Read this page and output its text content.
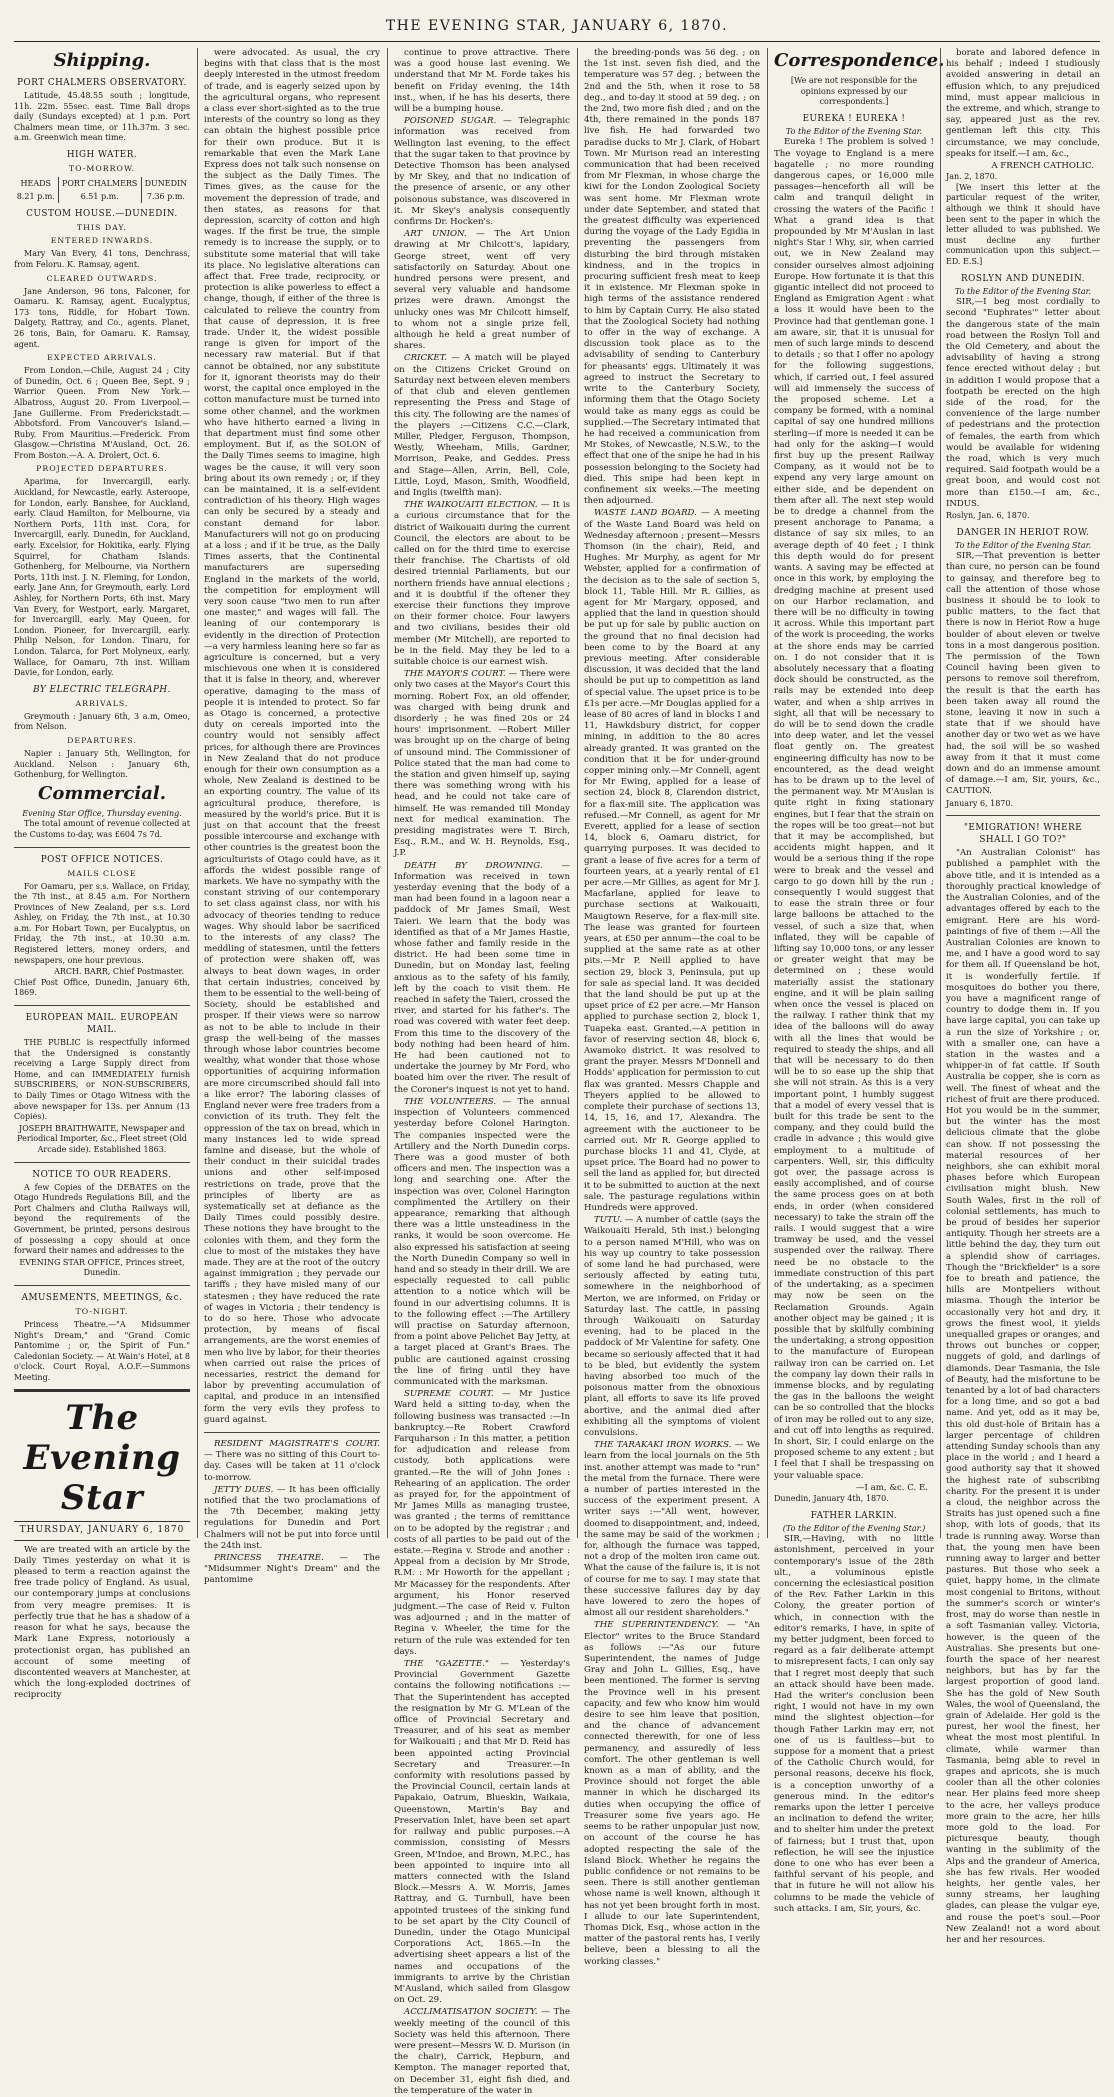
THE EVENING STAR, JANUARY 6, 1870.
Shipping.
PORT CHALMERS OBSERVATORY.
Latitude, 45.48.55 south ; longitude, 11h. 22m. 55sec. east. Time Ball drops daily (Sundays excepted) at 1 p.m. Port Chalmers mean time, or 11h.37m. 3 sec. a.m. Greenwich mean time.
HIGH WATER.
TO-MORROW.
HEADS	PORT CHALMERS	DUNEDIN
8.21 p.m.	6.51 p.m.	7.36 p.m.
CUSTOM HOUSE.—DUNEDIN.
THIS DAY.
ENTERED INWARDS.
Mary Van Every, 41 tons, Denchrass, from Feloru. K. Ramsay, agent.
CLEARED OUTWARDS.
Jane Anderson, 96 tons, Falconer, for Oamaru. K. Ramsay, agent. Eucalyptus, 173 tons, Riddle, for Hobart Town. Dalgety, Rattray, and Co., agents. Planet, 26 tons, Bain, for Oamaru. K. Ramsay, agent.
EXPECTED ARRIVALS.
From London.—Chile, August 24 ; City of Dunedin, Oct. 6 ; Queen Bee, Sept. 9 ; Warrior Queen. From New York.—Albatross, August 20. From Liverpool.—Jane Guillerme. From Frederickstadt.—Abbotsford. From Vancouver's Island.—Ruby. From Mauritius.—Frederick. From Glasgow.—Christina M'Ausland, Oct. 26. From Boston.—A. A. Drolert, Oct. 6.
PROJECTED DEPARTURES.
Aparima, for Invercargill, early. Auckland, for Newcastle, early. Asteroope, for London, early. Banshee, for Auckland, early. Claud Hamilton, for Melbourne, via Northern Ports, 11th inst. Cora, for Invercargill, early. Dunedin, for Auckland, early. Excelsior, for Hokitika, early. Flying Squirrel, for Chatham Islands. Gothenberg, for Melbourne, via Northern Ports, 11th inst. J. N. Fleming, for London, early. Jane Ann, for Greymouth, early. Lord Ashley, for Northern Ports, 6th inst. Mary Van Every, for Westport, early. Margaret, for Invercargill, early. May Queen, for London. Pioneer, for Invercargill, early. Philip Nelson, for London. Tinaru, for London. Talarca, for Port Molyneux, early. Wallace, for Oamaru, 7th inst. William Davie, for London, early.
BY ELECTRIC TELEGRAPH.
ARRIVALS.
Greymouth : January 6th, 3 a.m, Omeo, from Nelson.
DEPARTURES.
Napier : January 5th, Wellington, for Auckland. Nelson : January 6th, Gothenburg, for Wellington.
Commercial.
Evening Star Office, Thursday evening.
The total amount of revenue collected at the Customs to-day, was £604 7s 7d.
POST OFFICE NOTICES.
MAILS CLOSE
For Oamaru, per s.s. Wallace, on Friday, the 7th inst., at 8.45 a.m. For Northern Provinces of New Zealand, per s.s. Lord Ashley, on Friday, the 7th inst., at 10.30 a.m. For Hobart Town, per Eucalyptus, on Friday, the 7th inst., at 10.30 a.m. Registered letters, money orders, and newspapers, one hour previous.
ARCH. BARR, Chief Postmaster.
Chief Post Office, Dunedin, January 6th, 1869.
EUROPEAN MAIL. EUROPEAN MAIL.
THE PUBLIC is respectfully informed that the Undersigned is constantly receiving a Large Supply direct from Home, and can IMMEDIATELY furnish SUBSCRIBERS, or NON-SUBSCRIBERS, to Daily Times or Otago Witness with the above newspaper for 13s. per Annum (13 Copies).
JOSEPH BRAITHWAITE, Newspaper and Periodical Importer, &c., Fleet street (Old Arcade side). Established 1863.
NOTICE TO OUR READERS.
A few Copies of the DEBATES on the Otago Hundreds Regulations Bill, and the Port Chalmers and Clutha Railways will, beyond the requirements of the Government, be printed, persons desirous of possessing a copy should at once forward their names and addresses to the
EVENING STAR OFFICE, Princes street, Dunedin.
AMUSEMENTS, MEETINGS, &c.
TO-NIGHT.
Princess Theatre.—"A Midsummer Night's Dream," and "Grand Comic Pantomime ; or, the Spirit of Fun." Caledonian Society. — At Wain's Hotel, at 8 o'clock. Court Royal, A.O.F.—Summons Meeting.
The Evening Star
THURSDAY, JANUARY 6, 1870
We are treated with an article by the Daily Times yesterday on what it is pleased to term a reaction against the free trade policy of England. As usual, our contemporary jumps at conclusions from very meagre premises. It is perfectly true that he has a shadow of a reason for what he says, because the Mark Lane Express, notoriously a protectionist organ, has published an account of some meeting of discontented weavers at Manchester, at which the long-exploded doctrines of reciprocity
were advocated. As usual, the cry begins with that class that is the most deeply interested in the utmost freedom of trade, and is eagerly seized upon by the agricultural organs, who represent a class ever short-sighted as to the true interests of the country so long as they can obtain the highest possible price for their own produce. But it is remarkable that even the Mark Lane Express does not talk such nonsense on the subject as the Daily Times. The Times gives, as the cause for the movement the depression of trade, and then states, as reasons for that depression, scarcity of cotton and high wages. If the first be true, the simple remedy is to increase the supply, or to substitute some material that will take its place. No legislative alterations can affect that. Free trade, reciprocity, or protection is alike powerless to effect a change, though, if either of the three is calculated to relieve the country from that cause of depression, it is free trade. Under it, the widest possible range is given for import of the necessary raw material. But if that cannot be obtained, nor any substitute for it, ignorant theorists may do their worst, the capital once employed in the cotton manufacture must be turned into some other channel, and the workmen who have hitherto earned a living in that department must find some other employment. But if, as the SOLON of the Daily Times seems to imagine, high wages be the cause, it will very soon bring about its own remedy ; or, if they can be maintained, it is a self-evident contradiction of his theory. High wages can only be secured by a steady and constant demand for labor. Manufacturers will not go on producing at a loss ; and if it be true, as the Daily Times asserts, that the Continental manufacturers are superseding England in the markets of the world, the competition for employment will very soon cause "two men to run after one master," and wages will fall. The leaning of our contemporary is evidently in the direction of Protection—a very harmless leaning here so far as agriculture is concerned, but a very mischievous one when it is considered that it is false in theory, and, wherever operative, damaging to the mass of people it is intended to protect. So far as Otago is concerned, a protective duty on cereals imported into the country would not sensibly affect prices, for although there are Provinces in New Zealand that do not produce enough for their own consumption as a whole, New Zealand is destined to be an exporting country. The value of its agricultural produce, therefore, is measured by the world's price. But it is just on that account that the freest possible intercourse and exchange with other countries is the greatest boon the agriculturists of Otago could have, as it affords the widest possible range of markets. We have no sympathy with the constant striving of our contemporary to set class against class, nor with his advocacy of theories tending to reduce wages. Why should labor be sacrificed to the interests of any class? The meddling of statesmen, until the fetters of protection were shaken off, was always to beat down wages, in order that certain industries, conceived by them to be essential to the well-being of Society, should be established and prosper. If their views were so narrow as not to be able to include in their grasp the well-being of the masses through whose labor countries become wealthy, what wonder that those whose opportunities of acquiring information are more circumscribed should fall into a like error? The laboring classes of England never were free traders from a conviction of its truth. They felt the oppression of the tax on bread, which in many instances led to wide spread famine and disease, but the whole of their conduct in their suicidal trades unions and other self-imposed restrictions on trade, prove that the principles of liberty are as systematically set at defiance as the Daily Times could possibly desire. These notions they have brought to the colonies with them, and they form the clue to most of the mistakes they have made. They are at the root of the outcry against immigration ; they pervade our tariffs ; they have misled many of our statesmen ; they have reduced the rate of wages in Victoria ; their tendency is to do so here. Those who advocate protection, by means of fiscal arrangements, are the worst enemies of men who live by labor, for their theories when carried out raise the prices of necessaries, restrict the demand for labor by preventing accumulation of capital, and produce in an intensified form the very evils they profess to guard against.
RESIDENT MAGISTRATE'S COURT. — There was no sitting of this Court to-day. Cases will be taken at 11 o'clock to-morrow.
JETTY DUES. — It has been officially notified that the two proclamations of the 7th December, making jetty regulations for Dunedin and Port Chalmers will not be put into force until the 24th inst.
PRINCESS THEATRE. — The "Midsummer Night's Dream" and the pantomime
continue to prove attractive. There was a good house last evening. We understand that Mr M. Forde takes his benefit on Friday evening, the 14th inst., when, if he has his deserts, there will be a bumping house.
POISONED SUGAR. — Telegraphic information was received from Wellington last evening, to the effect that the sugar taken to that province by Detective Thomson has been analysed by Mr Skey, and that no indication of the presence of arsenic, or any other poisonous substance, was discovered in it. Mr Skey's analysis consequently confirms Dr. Hocken's.
ART UNION. — The Art Union drawing at Mr Chilcott's, lapidary, George street, went off very satisfactorily on Saturday. About one hundred persons were present, and several very valuable and handsome prizes were drawn. Amongst the unlucky ones was Mr Chilcott himself, to whom not a single prize fell, although he held a great number of shares.
CRICKET. — A match will be played on the Citizens Cricket Ground on Saturday next between eleven members of that club and eleven gentlemen representing the Press and Stage of this city. The following are the names of the players :—Citizens C.C.—Clark, Miller, Pledger, Ferguson, Thompson, Westly, Wheeham, Mills, Gardner, Morrison, Peake, and Geddes. Press and Stage—Allen, Arrin, Bell, Cole, Little, Loyd, Mason, Smith, Woodfield, and Inglis (twelfth man).
THE WAIKOUAITI ELECTION. — It is a curious circumstance that for the district of Waikouaiti during the current Council, the electors are about to be called on for the third time to exercise their franchise. The Chartists of old desired triennial Parliaments, but our northern friends have annual elections ; and it is doubtful if the oftener they exercise their functions they improve on their former choice. Four lawyers and two civilians, besides their old member (Mr Mitchell), are reported to be in the field. May they be led to a suitable choice is our earnest wish.
THE MAYOR'S COURT. — There were only two cases at the Mayor's Court this morning. Robert Fox, an old offender, was charged with being drunk and disorderly ; he was fined 20s or 24 hours' imprisonment. —Robert Miller was brought up on the charge of being of unsound mind. The Commissioner of Police stated that the man had come to the station and given himself up, saying there was something wrong with his head, and he could not take care of himself. He was remanded till Monday next for medical examination. The presiding magistrates were T. Birch, Esq., R.M., and W. H. Reynolds, Esq., J.P.
DEATH BY DROWNING. — Information was received in town yesterday evening that the body of a man had been found in a lagoon near a paddock of Mr James Smail, West Taieri. We learn that the body was identified as that of a Mr James Hastie, whose father and family reside in the district. He had been some time in Dunedin, but on Monday last, feeling anxious as to the safety of his family, left by the coach to visit them. He reached in safety the Taieri, crossed the river, and started for his father's. The road was covered with water feet deep. From this time to the discovery of the body nothing had been heard of him. He had been cautioned not to undertake the journey by Mr Ford, who boated him over the river. The result of the Coroner's inquest is not yet to hand.
THE VOLUNTEERS. — The annual inspection of Volunteers commenced yesterday before Colonel Harington. The companies inspected were the Artillery and the North Dunedin corps. There was a good muster of both officers and men. The inspection was a long and searching one. After the inspection was over, Colonel Harington complimented the Artillery on their appearance, remarking that although there was a little unsteadiness in the ranks, it would be soon overcome. He also expressed his satisfaction at seeing the North Dunedin Company so well in hand and so steady in their drill. We are especially requested to call public attention to a notice which will be found in our advertising columns. It is to the following effect :—The Artillery will practise on Saturday afternoon, from a point above Pelichet Bay Jetty, at a target placed at Grant's Braes. The public are cautioned against crossing the line of firing until they have communicated with the marksman.
SUPREME COURT. — Mr Justice Ward held a sitting to-day, when the following business was transacted :—In bankruptcy.—Re Robert Crawford Farquharson : In this matter, a petition for adjudication and release from custody, both applications were granted.—Re the will of John Jones : Rehearing of an application. The order as prayed for, for the appointment of Mr James Mills as managing trustee, was granted ; the terms of remittance on to be adopted by the registrar ; and costs of all parties to be paid out of the estate.—Regina v. Strode and another : Appeal from a decision by Mr Strode, R.M. : Mr Howorth for the appellant ; Mr Macassey for the respondents. After argument, his Honor reserved judgment.—The case of Reid v. Fulton was adjourned ; and in the matter of Regina v. Wheeler, the time for the return of the rule was extended for ten days.
THE "GAZETTE." — Yesterday's Provincial Government Gazette contains the following notifications :—That the Superintendent has accepted the resignation by Mr G. M'Lean of the office of Provincial Secretary and Treasurer, and of his seat as member for Waikouaiti ; and that Mr D. Reid has been appointed acting Provincial Secretary and Treasurer.—In conformity with resolutions passed by the Provincial Council, certain lands at Papakaio, Oatrum, Blueskin, Waikaia, Queenstown, Martin's Bay and Preservation Inlet, have been set apart for railway and public purposes.—A commission, consisting of Messrs Green, M'Indoe, and Brown, M.P.C., has been appointed to inquire into all matters connected with the Island Block.—Messrs A. W. Morris, James Rattray, and G. Turnbull, have been appointed trustees of the sinking fund to be set apart by the City Council of Dunedin, under the Otago Municipal Corporations Act, 1865.—In the advertising sheet appears a list of the names and occupations of the immigrants to arrive by the Christian M'Ausland, which sailed from Glasgow on Oct. 29.
ACCLIMATISATION SOCIETY. — The weekly meeting of the council of this Society was held this afternoon. There were present—Messrs W. D. Murison (in the chair), Carrick, Hepburn, and Kempton. The manager reported that, on December 31, eight fish died, and the temperature of the water in
the breeding-ponds was 56 deg. ; on the 1st inst. seven fish died, and the temperature was 57 deg. ; between the 2nd and the 5th, when it rose to 58 deg., and to-day it stood at 59 deg. ; on the 2nd, two more fish died ; and on the 4th, there remained in the ponds 187 live fish. He had forwarded two paradise ducks to Mr J. Clark, of Hobart Town. Mr Murison read an interesting communication that had been received from Mr Flexman, in whose charge the kiwi for the London Zoological Society was sent home. Mr Flexman wrote under date September, and stated that the greatest difficulty was experienced during the voyage of the Lady Egidia in preventing the passengers from disturbing the bird through mistaken kindness, and in the tropics in procuring sufficient fresh meat to keep it in existence. Mr Flexman spoke in high terms of the assistance rendered to him by Captain Curry. He also stated that the Zoological Society had nothing to offer in the way of exchange. A discussion took place as to the advisability of sending to Canterbury for pheasants' eggs. Ultimately it was agreed to instruct the Secretary to write to the Canterbury Society, informing them that the Otago Society would take as many eggs as could be supplied.—The Secretary intimated that he had received a communication from Mr Stokes, of Newcastle, N.S.W., to the effect that one of the snipe he had in his possession belonging to the Society had died. This snipe had been kept in confinement six weeks.—The meeting then adjourned.
WASTE LAND BOARD. — A meeting of the Waste Land Board was held on Wednesday afternoon ; present—Messrs Thomson (in the chair), Reid, and Hughes. Mr Murphy, as agent for Mr Webster, applied for a confirmation of the decision as to the sale of section 5, block 11, Table Hill. Mr R. Gillies, as agent for Mr Margary, opposed, and applied that the land in question should be put up for sale by public auction on the ground that no final decision had been come to by the Board at any previous meeting. After considerable discussion, it was decided that the land should be put up to competition as land of special value. The upset price is to be £1s per acre.—Mr Douglas applied for a lease of 80 acres of land in blocks I and 11, Hawkdsbury district, for copper mining, in addition to the 80 acres already granted. It was granted on the condition that it be for under-ground copper mining only.—Mr Connell, agent for Mr Ewing, applied for a lease of section 24, block 8, Clarendon district, for a flax-mill site. The application was refused.—Mr Connell, as agent for Mr Everett, applied for a lease of section 14, block 6, Oamaru district, for quarrying purposes. It was decided to grant a lease of five acres for a term of fourteen years, at a yearly rental of £1 per acre.—Mr Gillies, as agent for Mr J. Macfarlane, applied for leave to purchase sections at Waikouaiti, Maugtown Reserve, for a flax-mill site. The lease was granted for fourteen years, at £50 per annum—the coal to be supplied at the same rate as at other pits.—Mr P. Neill applied to have section 29, block 3, Peninsula, put up for sale as special land. It was decided that the land should be put up at the upset price of £2 per acre.—Mr Hanson applied to purchase section 2, block 1, Tuapeka east. Granted.—A petition in favor of reserving section 48, block 6, Awamoko district. It was resolved to grant the prayer. Messrs M'Donnell and Hodds' application for permission to cut flax was granted. Messrs Chapple and Theyers applied to be allowed to complete their purchase of sections 13, 14, 15, 16, and 17, Alexandra. The agreement with the auctioneer to be carried out. Mr R. George applied to purchase blocks 11 and 41, Clyde, at upset price. The Board had no power to sell the land as applied for, but directed it to be submitted to auction at the next sale. The pasturage regulations within Hundreds were approved.
TUTU. — A number of cattle (says the Waikouaiti Herald, 5th inst.) belonging to a person named M'Hill, who was on his way up country to take possession of some land he had purchased, were seriously affected by eating tutu, somewhere in the neighborhood of Merton, we are informed, on Friday or Saturday last. The cattle, in passing through Waikouaiti on Saturday evening, had to be placed in the paddock of Mr Valentine for safety. One became so seriously affected that it had to be bled, but evidently the system having absorbed too much of the poisonous matter from the obnoxious plant, all efforts to save its life proved abortive, and the animal died after exhibiting all the symptoms of violent convulsions.
THE TARAKAKI IRON WORKS. — We learn from the local journals on the 5th inst. another attempt was made to "run" the metal from the furnace. There were a number of parties interested in the success of the experiment present. A writer says :—"All went, however, doomed to disappointment, and, indeed, the same may be said of the workmen ; for, although the furnace was tapped, not a drop of the molten iron came out. What the cause of the failure is, it is not of course for me to say. I may state that these successive failures day by day have lowered to zero the hopes of almost all our resident shareholders."
THE SUPERINTENDENCY. — "An Elector" writes to the Bruce Standard as follows :—"As our future Superintendent, the names of Judge Gray and John L. Gillies, Esq., have been mentioned. The former is serving the Province well in his present capacity, and few who know him would desire to see him leave that position, and the chance of advancement connected therewith, for one of less permanency, and assuredly of less comfort. The other gentleman is well known as a man of ability, and the Province should not forget the able manner in which he discharged its duties when occupying the office of Treasurer some five years ago. He seems to be rather unpopular just now, on account of the course he has adopted respecting the sale of the Island Block. Whether he regains the public confidence or not remains to be seen. There is still another gentleman whose name is well known, although it has not yet been brought forth in most. I allude to our late Superintendent, Thomas Dick, Esq., whose action in the matter of the pastoral rents has, I verily believe, been a blessing to all the working classes."
Correspondence.
[We are not responsible for the opinions expressed by our correspondents.]
EUREKA ! EUREKA !
To the Editor of the Evening Star.
Eureka ! The problem is solved ! The voyage to England is a mere bagatelle ; no more rounding dangerous capes, or 16,000 mile passages—henceforth all will be calm and tranquil delight in crossing the waters of the Pacific ! What a grand idea is that propounded by Mr M'Auslan in last night's Star ! Why, sir, when carried out, we in New Zealand may consider ourselves almost adjoining Europe. How fortunate it is that this gigantic intellect did not proceed to England as Emigration Agent : what a loss it would have been to the Province had that gentleman gone. I am aware, sir, that it is unusual for men of such large minds to descend to details ; so that I offer no apology for the following suggestions, which, if carried out, I feel assured will aid immensely the success of the proposed scheme. Let a company be formed, with a nominal capital of say one hundred millions sterling—if more is needed it can be had only for the asking—I would first buy up the present Railway Company, as it would not be to expend any very large amount on either side, and be dependent on them after all. The next step would be to dredge a channel from the present anchorage to Panama, a distance of say six miles, to an average depth of 40 feet ; I think this depth would do for present wants. A saving may be effected at once in this work, by employing the dredging machine at present used on our Harbor reclamation, and there will be no difficulty in towing it across. While this important part of the work is proceeding, the works at the shore ends may be carried on. I do not consider that it is absolutely necessary that a floating dock should be constructed, as the rails may be extended into deep water, and when a ship arrives in sight, all that will be necessary to do will be to send down the cradle into deep water, and let the vessel float gently on. The greatest engineering difficulty has now to be encountered, as the dead weight has to be drawn up to the level of the permanent way. Mr M'Auslan is quite right in fixing stationary engines, but I fear that the strain on the ropes will be too great—not but that it may be accomplished, but accidents might happen, and it would be a serious thing if the rope were to break and the vessel and cargo to go down hill by the run ; consequently I would suggest that to ease the strain three or four large balloons be attached to the vessel, of such a size that, when inflated, they will be capable of lifting say 10,000 tons, or any lesser or greater weight that may be determined on ; these would materially assist the stationary engine, and it will be plain sailing when once the vessel is placed on the railway. I rather think that my idea of the balloons will do away with all the lines that would be required to steady the ships, and all that will be necessary to do then will be to so ease up the ship that she will not strain. As this is a very important point, I humbly suggest that a model of every vessel that is built for this trade be sent to the company, and they could build the cradle in advance ; this would give employment to a multitude of carpenters. Well, sir, this difficulty got over, the passage across is easily accomplished, and of course the same process goes on at both ends, in order (when considered necessary) to take the strain off the rails. I would suggest that a wire tramway be used, and the vessel suspended over the railway. There need be no obstacle to the immediate construction of this part of the undertaking, as a specimen may now be seen on the Reclamation Grounds. Again another object may be gained ; it is possible that by skilfully combining the undertaking, a strong opposition to the manufacture of European railway iron can be carried on. Let the company lay down their rails in immense blocks, and by regulating the gas in the balloons the weight can be so controlled that the blocks of iron may be rolled out to any size, and cut off into lengths as required. In short, Sir, I could enlarge on the proposed scheme to any extent ; but I feel that I shall be trespassing on your valuable space.
—I am, &c. C. E.
Dunedin, January 4th, 1870.
FATHER LARKIN.
(To the Editor of the Evening Star.)
SIR,—Having, with no little astonishment, perceived in your contemporary's issue of the 28th ult., a voluminous epistle concerning the eclesiastical position of the Rev. Father Larkin in this Colony, the greater portion of which, in connection with the editor's remarks, I have, in spite of my better judgment, been forced to regard as a fair deliberate attempt to misrepresent facts, I can only say that I regret most deeply that such an attack should have been made. Had the writer's conclusion been right, I would not have in my own mind the slightest objection—for though Father Larkin may err, not one of us is faultless—but to suppose for a moment that a priest of the Catholic Church would, for personal reasons, deceive his flock, is a conception unworthy of a generous mind. In the editor's remarks upon the letter I perceive an inclination to defend the writer, and to shelter him under the pretext of fairness; but I trust that, upon reflection, he will see the injustice done to one who has ever been a faithful servant of his people, and that in future he will not allow his columns to be made the vehicle of such attacks. I am, Sir, yours, &c.
borate and labored defence in his behalf ; indeed I studiously avoided answering in detail an effusion which, to any prejudiced mind, must appear malicious in the extreme, and which, strange to say, appeared just as the rev. gentleman left this city. This circumstance, we may conclude, speaks for itself.—I am, &c.,
A FRENCH CATHOLIC.
Jan. 2, 1870.
[We insert this letter at the particular request of the writer, although we think it should have been sent to the paper in which the letter alluded to was published. We must decline any further communication upon this subject.—ED. E.S.]
ROSLYN AND DUNEDIN.
To the Editor of the Evening Star.
SIR,—I beg most cordially to second "Euphrates'" letter about the dangerous state of the main road between the Roslyn Toll and the Old Cemetery, and about the advisability of having a strong fence erected without delay ; but in addition I would propose that a footpath be erected on the high side of the road, for the convenience of the large number of pedestrians and the protection of females, the earth from which would be available for widening the road, which is very much required. Said footpath would be a great boon, and would cost not more than £150.—I am, &c., INDUS.
Roslyn, Jan. 6, 1870.
DANGER IN HERIOT ROW.
To the Editor of the Evening Star.
SIR,—That prevention is better than cure, no person can be found to gainsay, and therefore beg to call the attention of those whose business it should be to look to public matters, to the fact that there is now in Heriot Row a huge boulder of about eleven or twelve tons in a most dangerous position. The permission of the Town Council having been given to persons to remove soil therefrom, the result is that the earth has been taken away all round the stone, leaving it now in such a state that if we should have another day or two wet as we have had, the soil will be so washed away from it that it must come down and do an immense amount of damage.—I am, Sir, yours, &c., CAUTION.
January 6, 1870.
"EMIGRATION! WHERE SHALL I GO TO?"
"An Australian Colonist" has published a pamphlet with the above title, and it is intended as a thoroughly practical knowledge of the Australian Colonies, and of the advantages offered by each to the emigrant. Here are his word-paintings of five of them :—All the Australian Colonies are known to me, and I have a good word to say for them all. If Queensland be hot, it is wonderfully fertile. If mosquitoes do bother you there, you have a magnificent range of country to dodge them in. If you have large capital, you can take up a run the size of Yorkshire ; or, with a smaller one, can have a station in the wastes and a whipper-in of fat cattle. If South Australia be copper, she is corn as well. The finest of wheat and the richest of fruit are there produced. Hot you would be in the summer, but the winter has the most delicious climate that the globe can show. If not possessing the material resources of her neighbors, she can exhibit moral phases before which European civilisation might blush. New South Wales, first in the roll of colonial settlements, has much to be proud of besides her superior antiquity. Though her streets are a little behind the day, they turn out a splendid show of carriages. Though the "Brickfielder" is a sore foe to breath and patience, the hills are Montpeliers without miasma. Though the interior be occasionally very hot and dry, it grows the finest wool, it yields unequalled grapes or oranges, and throws out bunches or copper, nuggets of gold, and darlings of diamonds. Dear Tasmania, the Isle of Beauty, had the misfortune to be tenanted by a lot of bad characters for a long time, and so got a bad name. And yet, odd as it may be, this old dust-hole of Britain has a larger percentage of children attending Sunday schools than any place in the world ; and I heard a good authority say that it showed the highest rate of subscribing charity. For the present it is under a cloud, the neighbor across the Straits has just opened such a fine shop, with lots of goods, that its trade is running away. Worse than that, the young men have been running away to larger and better pastures. But those who seek a quiet, happy home, in the climate most congenial to Britons, without the summer's scorch or winter's frost, may do worse than nestle in a soft Tasmanian valley. Victoria, however, is the queen of the Australias. She presents but one-fourth the space of her nearest neighbors, but has by far the largest proportion of good land. She has the gold of New South Wales, the wool of Queensland, the grain of Adelaide. Her gold is the purest, her wool the finest, her wheat the most most plentiful. In climate, while warmer than Tasmania, being able to revel in grapes and apricots, she is much cooler than all the other colonies near. Her plains feed more sheep to the acre, her valleys produce more grain to the acre, her hills more gold to the load. For picturesque beauty, though wanting in the sublimity of the Alps and the grandeur of America, she has few rivals. Her wooded heights, her gentle vales, her sunny streams, her laughing glades, can please the vulgar eye, and rouse the poet's soul.—Poor New Zealand! not a word about her and her resources.
